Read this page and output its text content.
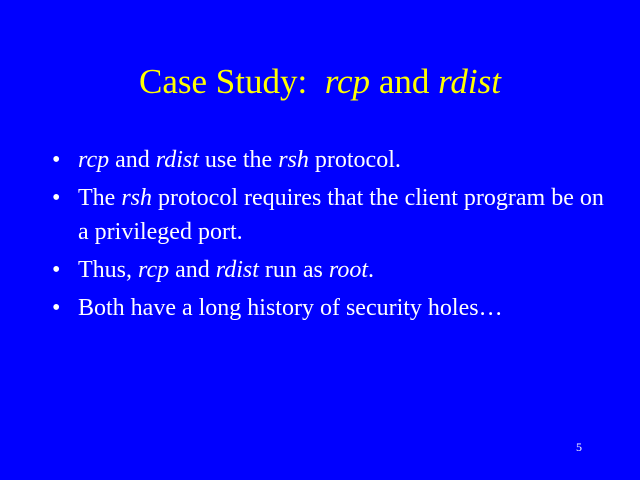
Case Study: rcp and rdist
• rcp and rdist use the rsh protocol.
• The rsh protocol requires that the client program be on a privileged port.
• Thus, rcp and rdist run as root.
• Both have a long history of security holes…
5
